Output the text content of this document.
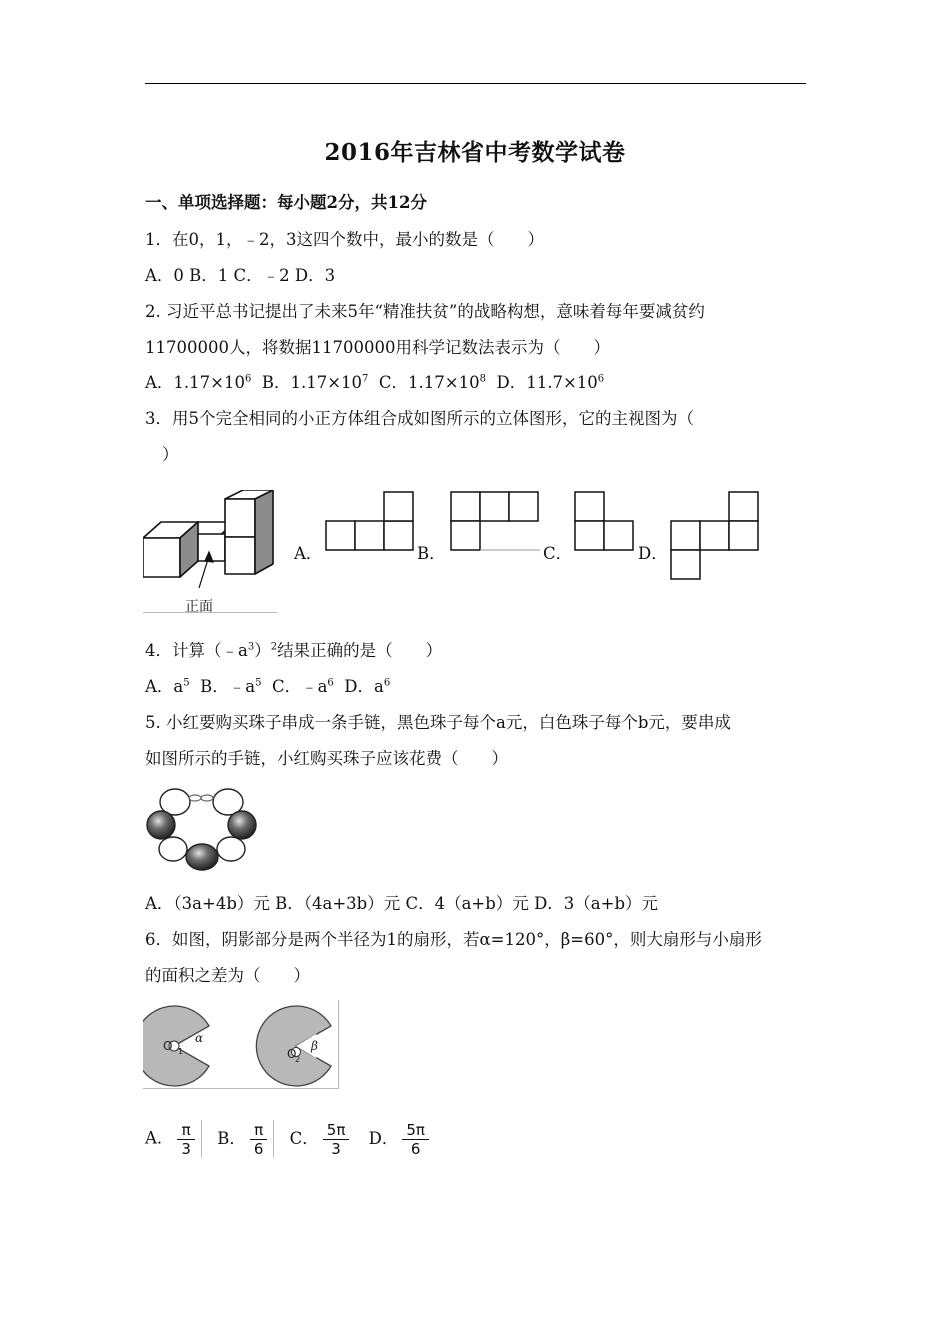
2016年吉林省中考数学试卷
一、单项选择题：每小题2分，共12分
1．在0，1，﹣2，3这四个数中，最小的数是（　　）
A．0 B．1 C．﹣2 D．3
2. 习近平总书记提出了未来5年“精准扶贫”的战略构想，意味着每年要减贫约
11700000人，将数据11700000用科学记数法表示为（　　）
A．$1.17\times 10^6$  B．$1.17\times 10^7$  C．$1.17\times 10^8$  D．$11.7\times 10^6$
3．用5个完全相同的小正方体组合成如图所示的立体图形，它的主视图为（
）
正面
A．	B．	C．	D．
4．计算$(﹣a^3)^2$结果正确的是（　　）
A．$a^5$  B．$﹣a^5$  C．$﹣a^6$  D．$a^6$
5. 小红要购买珠子串成一条手链，黑色珠子每个a元，白色珠子每个b元，要串成
如图所示的手链，小红购买珠子应该花费（　　）
A．（3a+4b）元 B．（4a+3b）元 C．4（a+b）元 D．3（a+b）元
6．如图，阴影部分是两个半径为1的扇形，若α=120°，β=60°，则大扇形与小扇形
的面积之差为（　　）
α
β
O
2
O 1
A． $\frac{\pi}{3}$ B． $\frac{\pi}{6}$ C． $\frac{5\pi}{3}$ D． $\frac{5\pi}{6}$
